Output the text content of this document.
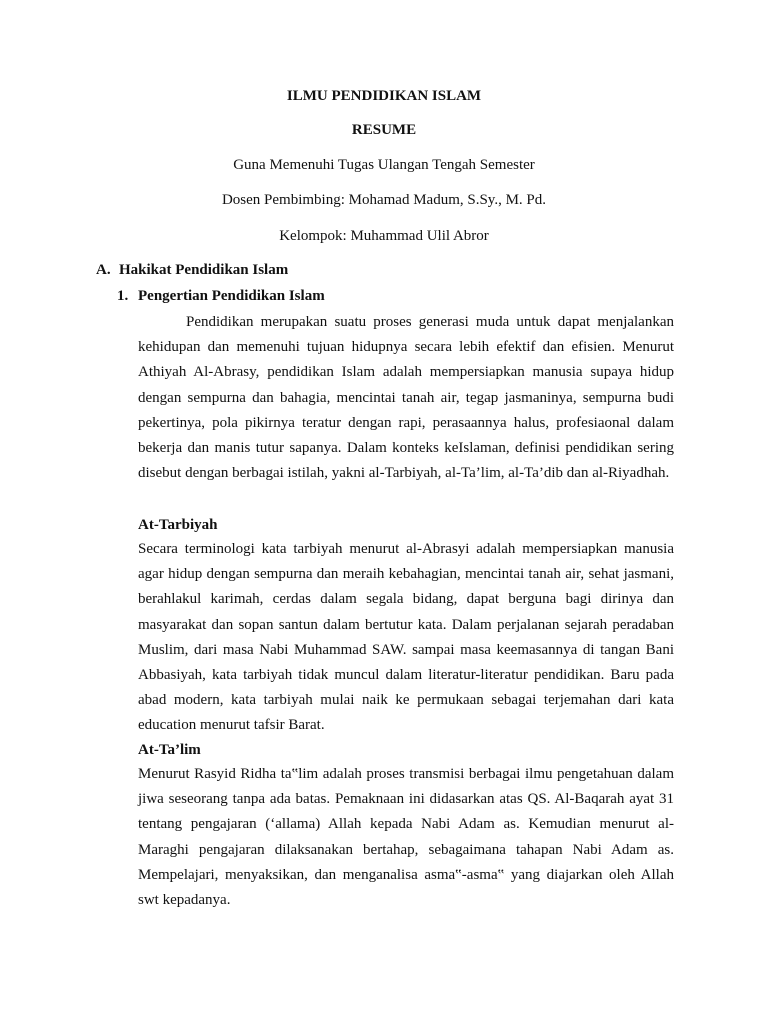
ILMU PENDIDIKAN ISLAM
RESUME
Guna Memenuhi Tugas Ulangan Tengah Semester
Dosen Pembimbing: Mohamad Madum, S.Sy., M. Pd.
Kelompok: Muhammad Ulil Abror
A. Hakikat Pendidikan Islam
1. Pengertian Pendidikan Islam
Pendidikan merupakan suatu proses generasi muda untuk dapat menjalankan kehidupan dan memenuhi tujuan hidupnya secara lebih efektif dan efisien. Menurut Athiyah Al-Abrasy, pendidikan Islam adalah mempersiapkan manusia supaya hidup dengan sempurna dan bahagia, mencintai tanah air, tegap jasmaninya, sempurna budi pekertinya, pola pikirnya teratur dengan rapi, perasaannya halus, profesiaonal dalam bekerja dan manis tutur sapanya. Dalam konteks keIslaman, definisi pendidikan sering disebut dengan berbagai istilah, yakni al-Tarbiyah, al-Ta’lim, al-Ta’dib dan al-Riyadhah.
At-Tarbiyah
Secara terminologi kata tarbiyah menurut al-Abrasyi adalah mempersiapkan manusia agar hidup dengan sempurna dan meraih kebahagian, mencintai tanah air, sehat jasmani, berahlakul karimah, cerdas dalam segala bidang, dapat berguna bagi dirinya dan masyarakat dan sopan santun dalam bertutur kata. Dalam perjalanan sejarah peradaban Muslim, dari masa Nabi Muhammad SAW. sampai masa keemasannya di tangan Bani Abbasiyah, kata tarbiyah tidak muncul dalam literatur-literatur pendidikan. Baru pada abad modern, kata tarbiyah mulai naik ke permukaan sebagai terjemahan dari kata education menurut tafsir Barat.
At-Ta’lim
Menurut Rasyid Ridha ta‟lim adalah proses transmisi berbagai ilmu pengetahuan dalam jiwa seseorang tanpa ada batas. Pemaknaan ini didasarkan atas QS. Al-Baqarah ayat 31 tentang pengajaran (‘allama) Allah kepada Nabi Adam as. Kemudian menurut al-Maraghi pengajaran dilaksanakan bertahap, sebagaimana tahapan Nabi Adam as. Mempelajari, menyaksikan, dan menganalisa asma‟-asma‟ yang diajarkan oleh Allah swt kepadanya.
